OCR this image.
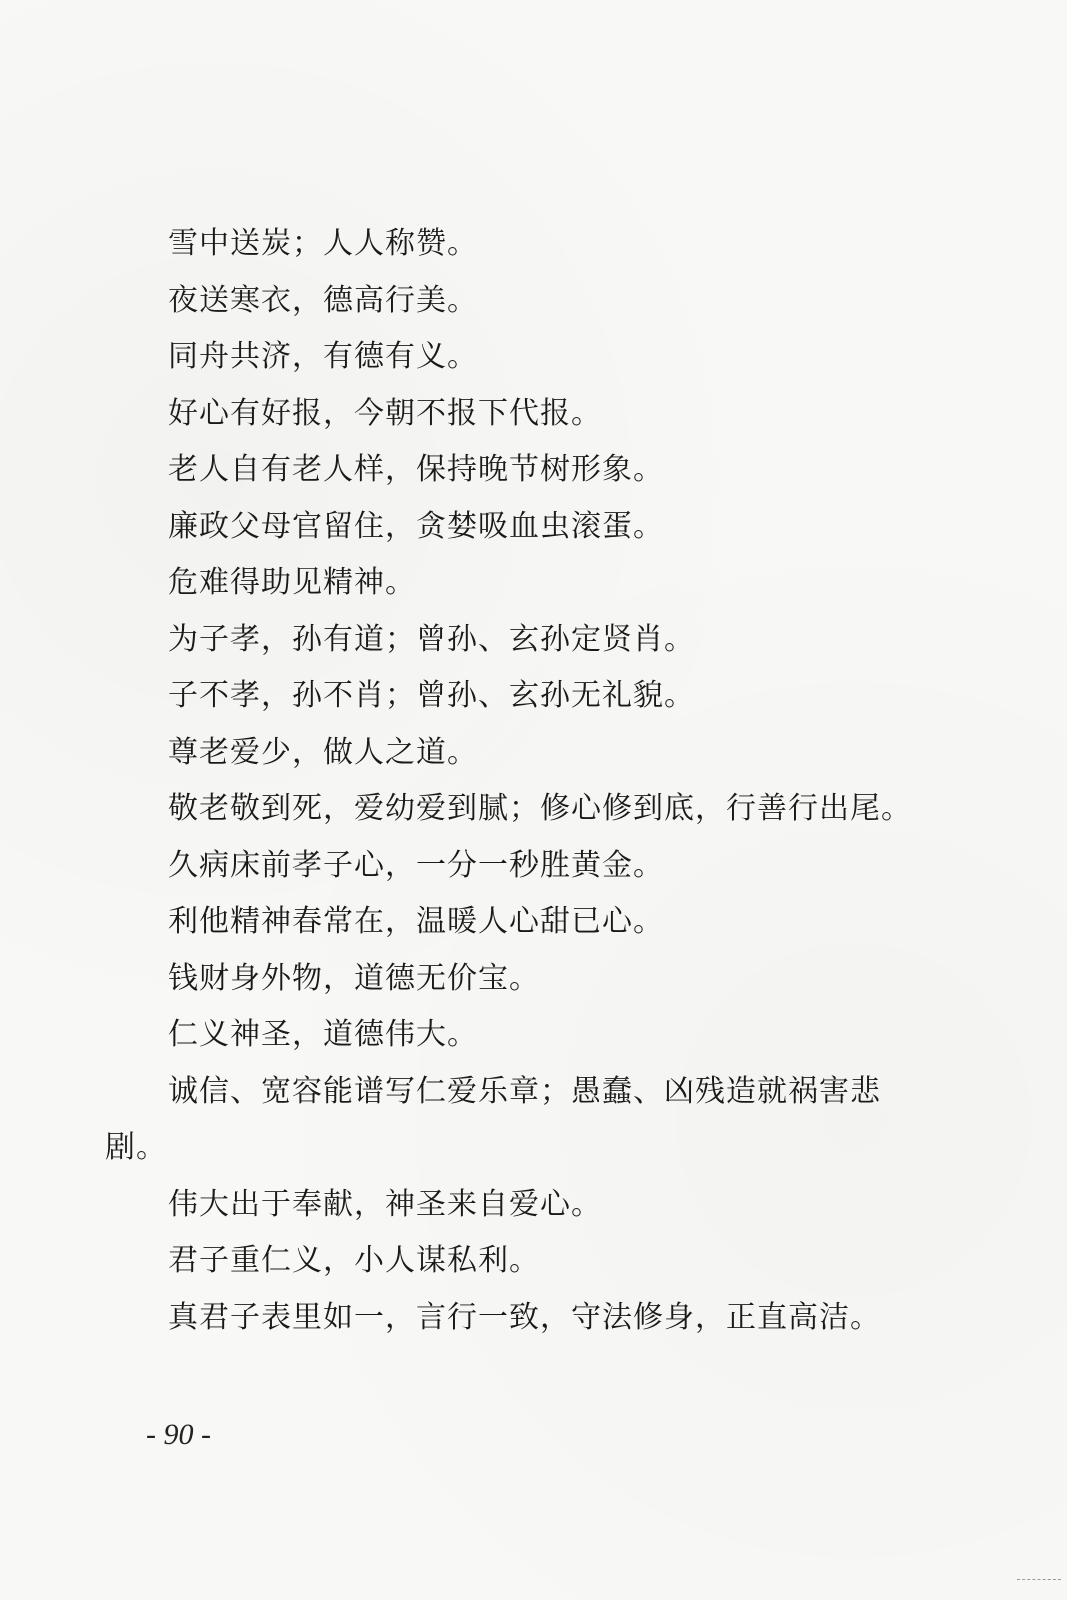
雪中送炭；人人称赞。
夜送寒衣，德高行美。
同舟共济，有德有义。
好心有好报，今朝不报下代报。
老人自有老人样，保持晚节树形象。
廉政父母官留住，贪婪吸血虫滚蛋。
危难得助见精神。
为子孝，孙有道；曾孙、玄孙定贤肖。
子不孝，孙不肖；曾孙、玄孙无礼貌。
尊老爱少，做人之道。
敬老敬到死，爱幼爱到腻；修心修到底，行善行出尾。
久病床前孝子心，一分一秒胜黄金。
利他精神春常在，温暖人心甜已心。
钱财身外物，道德无价宝。
仁义神圣，道德伟大。
诚信、宽容能谱写仁爱乐章；愚蠢、凶残造就祸害悲
剧。
伟大出于奉献，神圣来自爱心。
君子重仁义，小人谋私利。
真君子表里如一，言行一致，守法修身，正直高洁。
- 90 -
